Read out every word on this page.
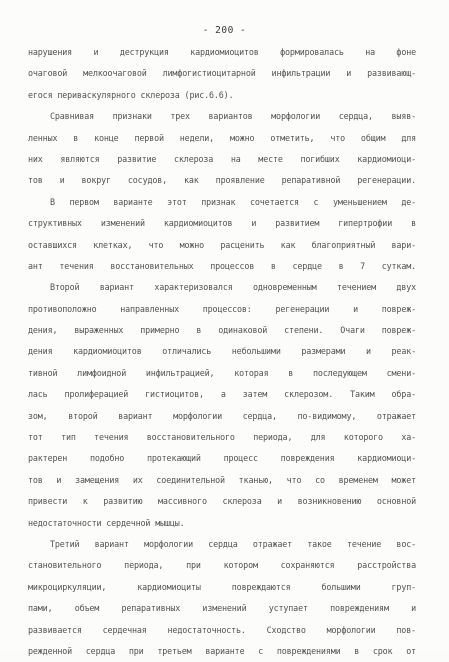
- 200 -
нарушения и деструкция кардиомиоцитов формировалась на фоне
очаговой мелкоочаговой лимфогистиоцитарной инфильтрации и развивающ-
егося периваскулярного склероза (рис.6.6).
Сравнивая признаки трех вариантов морфологии сердца, выяв-
ленных в конце первой недели, можно отметить, что общим для
них являются развитие склероза на месте погибших кардиомиоци-
тов и вокруг сосудов, как проявление репаративной регенерации.
В первом варианте этот признак сочетается с уменьшением де-
структивных изменений кардиомиоцитов и развитием гипертрофии в
оставшихся клетках, что можно расценить как благоприятный вари-
ант течения восстановительных процессов в сердце в 7 суткам.
Второй вариант характеризовался одновременным течением двух
противоположно направленных процессов: регенерации и повреж-
дения, выраженных примерно в одинаковой степени. Очаги повреж-
дения кардиомиоцитов отличались небольшими размерами и реак-
тивной лимфоидной инфильтрацией, которая в последующем смени-
лась пролиферацией гистиоцитов, а затем склерозом. Таким обра-
зом, второй вариант морфологии сердца, по-видимому, отражает
тот тип течения восстановительного периода, для которого ха-
рактерен подобно протекающий процесс повреждения кардиомиоци-
тов и замещения их соединительной тканью, что со временем может
привести к развитию массивного склероза и возникновению основной
недостаточности сердечной мышцы.
Третий вариант морфологии сердца отражает такое течение вос-
становительного периода, при котором сохраняются расстройства
микроциркуляции, кардиомиоциты повреждаются большими груп-
пами, объем репаративных изменений уступает повреждениям и
развивается сердечная недостаточность. Сходство морфологии пов-
режденной сердца при третьем варианте с повреждениями в срок от
